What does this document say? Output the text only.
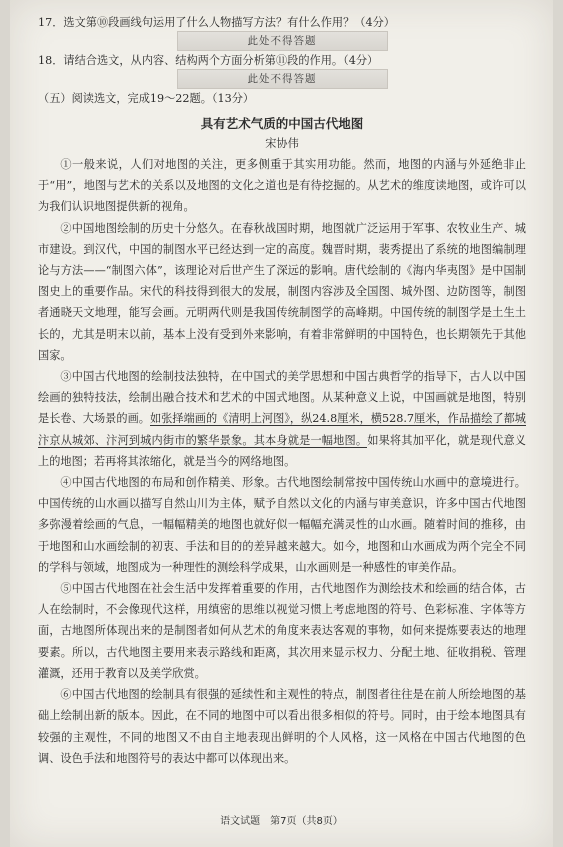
17．选文第⑩段画线句运用了什么人物描写方法？有什么作用？（4分）

此处不得答题

18．请结合选文，从内容、结构两个方面分析第⑪段的作用。（4分）

此处不得答题

（五）阅读选文，完成19～22题。（13分）

具有艺术气质的中国古代地图
宋协伟

①一般来说，人们对地图的关注，更多侧重于其实用功能。然而，地图的内涵与外延绝非止于“用”，地图与艺术的关系以及地图的文化之道也是有待挖掘的。从艺术的维度读地图，或许可以为我们认识地图提供新的视角。

②中国地图绘制的历史十分悠久。在春秋战国时期，地图就广泛运用于军事、农牧业生产、城市建设。到汉代，中国的制图水平已经达到一定的高度。魏晋时期，裴秀提出了系统的地图编制理论与方法——“制图六体”，该理论对后世产生了深远的影响。唐代绘制的《海内华夷图》是中国制图史上的重要作品。宋代的科技得到很大的发展，制图内容涉及全国图、城外图、边防图等，制图者通晓天文地理，能写会画。元明两代则是我国传统制图学的高峰期。中国传统的制图学是土生土长的，尤其是明末以前，基本上没有受到外来影响，有着非常鲜明的中国特色，也长期领先于其他国家。

③中国古代地图的绘制技法独特，在中国式的美学思想和中国古典哲学的指导下，古人以中国绘画的独特技法，绘制出融合技术和艺术的中国式地图。从某种意义上说，中国画就是地图，特别是长卷、大场景的画。如张择端画的《清明上河图》，纵24.8厘米，横528.7厘米，作品描绘了都城汴京从城郊、汴河到城内街市的繁华景象。其本身就是一幅地图。如果将其加平化，就是现代意义上的地图；若再将其浓缩化，就是当今的网络地图。

④中国古代地图的布局和创作精美、形象。古代地图绘制常按中国传统山水画中的意境进行。中国传统的山水画以描写自然山川为主体，赋予自然以文化的内涵与审美意识，许多中国古代地图多弥漫着绘画的气息，一幅幅精美的地图也就好似一幅幅充满灵性的山水画。随着时间的推移，由于地图和山水画绘制的初衷、手法和目的的差异越来越大。如今，地图和山水画成为两个完全不同的学科与领域，地图成为一种理性的测绘科学成果，山水画则是一种感性的审美作品。

⑤中国古代地图在社会生活中发挥着重要的作用，古代地图作为测绘技术和绘画的结合体，古人在绘制时，不会像现代这样，用缜密的思维以视觉习惯上考虑地图的符号、色彩标准、字体等方面，古地图所体现出来的是制图者如何从艺术的角度来表达客观的事物，如何来提炼要表达的地理要素。所以，古代地图主要用来表示路线和距离，其次用来显示权力、分配土地、征收捐税、管理灌溉，还用于教育以及美学欣赏。

⑥中国古代地图的绘制具有很强的延续性和主观性的特点，制图者往往是在前人所绘地图的基础上绘制出新的版本。因此，在不同的地图中可以看出很多相似的符号。同时，由于绘本地图具有较强的主观性，不同的地图又不由自主地表现出鲜明的个人风格，这一风格在中国古代地图的色调、设色手法和地图符号的表达中都可以体现出来。

语文试题　第7页（共8页）
